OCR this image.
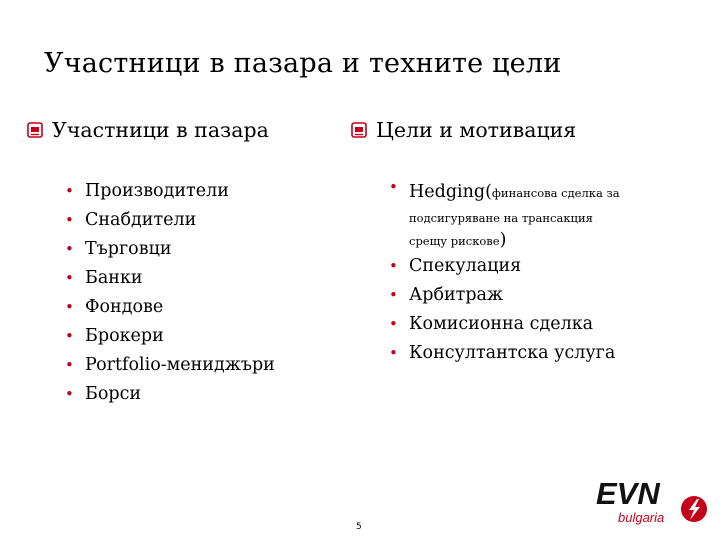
Участници в пазара и техните цели
Участници в пазара	Цели и мотивация
• Производители
• Снабдители
• Търговци
• Банки
• Фондове
• Брокери
• Portfolio-мениджъри
• Борси
• Hedging(финансова сделка за
подсигуряване на трансакция
срещу рискове)
• Спекулация
• Арбитраж
• Комисионна сделка
• Консултантска услуга
5
EVN
bulgaria
